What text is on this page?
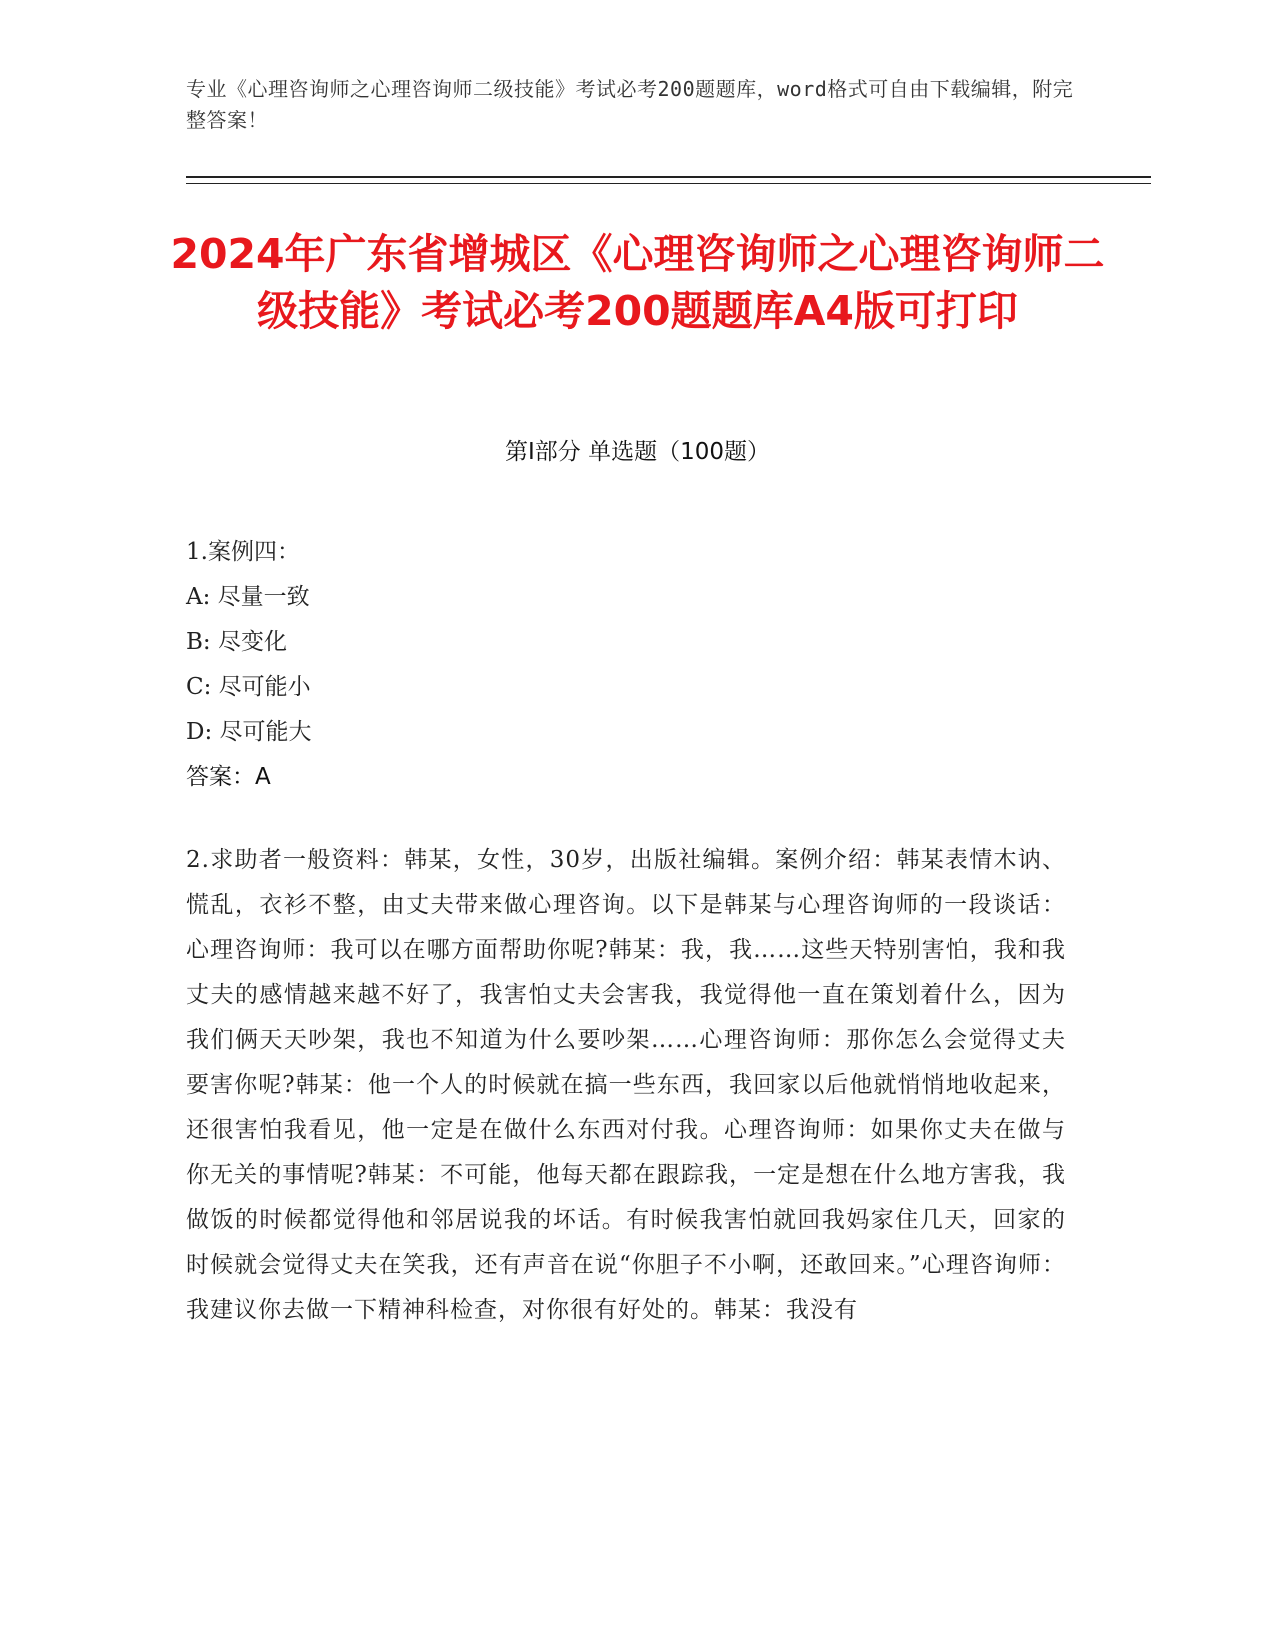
专业《心理咨询师之心理咨询师二级技能》考试必考200题题库，word格式可自由下载编辑，附完整答案！
2024年广东省增城区《心理咨询师之心理咨询师二级技能》考试必考200题题库A4版可打印
第I部分 单选题（100题）
1.案例四：
A: 尽量一致
B: 尽变化
C: 尽可能小
D: 尽可能大
答案：A
2.求助者一般资料：韩某，女性，30岁，出版社编辑。案例介绍：韩某表情木讷、慌乱，衣衫不整，由丈夫带来做心理咨询。以下是韩某与心理咨询师的一段谈话：心理咨询师：我可以在哪方面帮助你呢?韩某：我，我……这些天特别害怕，我和我丈夫的感情越来越不好了，我害怕丈夫会害我，我觉得他一直在策划着什么，因为我们俩天天吵架，我也不知道为什么要吵架……心理咨询师：那你怎么会觉得丈夫要害你呢?韩某：他一个人的时候就在搞一些东西，我回家以后他就悄悄地收起来，还很害怕我看见，他一定是在做什么东西对付我。心理咨询师：如果你丈夫在做与你无关的事情呢?韩某：不可能，他每天都在跟踪我，一定是想在什么地方害我，我做饭的时候都觉得他和邻居说我的坏话。有时候我害怕就回我妈家住几天，回家的时候就会觉得丈夫在笑我，还有声音在说“你胆子不小啊，还敢回来。”心理咨询师：我建议你去做一下精神科检查，对你很有好处的。韩某：我没有
